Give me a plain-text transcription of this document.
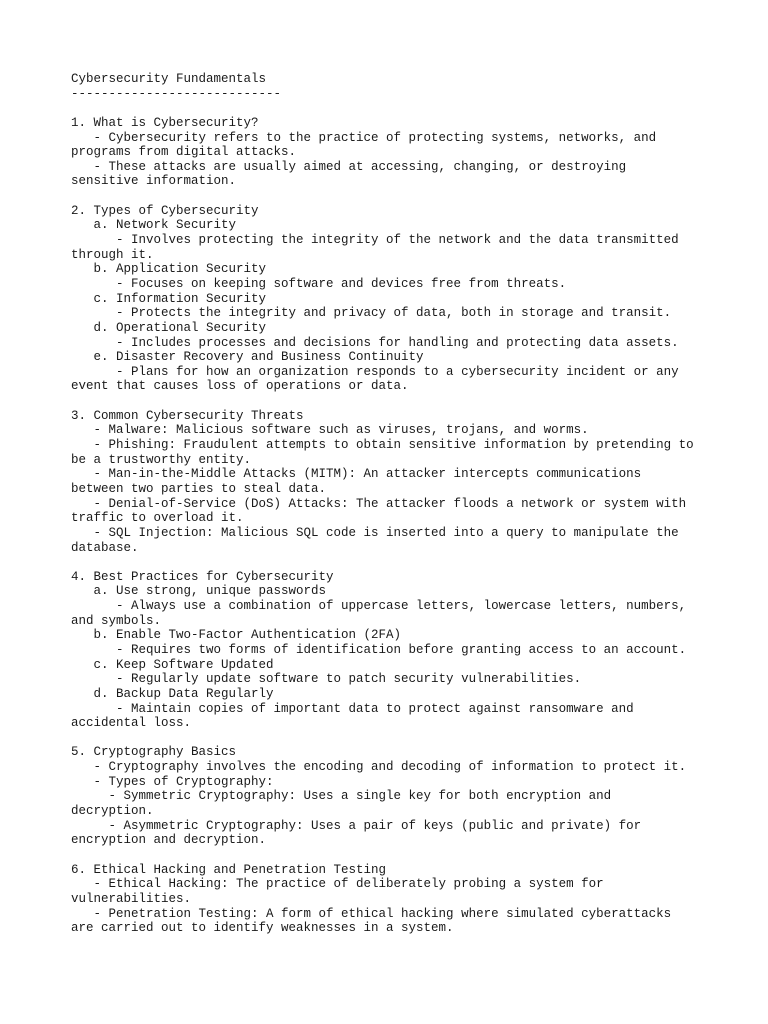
Cybersecurity Fundamentals
----------------------------
1. What is Cybersecurity?
- Cybersecurity refers to the practice of protecting systems, networks, and
programs from digital attacks.
- These attacks are usually aimed at accessing, changing, or destroying
sensitive information.
2. Types of Cybersecurity
a. Network Security
- Involves protecting the integrity of the network and the data transmitted
through it.
b. Application Security
- Focuses on keeping software and devices free from threats.
c. Information Security
- Protects the integrity and privacy of data, both in storage and transit.
d. Operational Security
- Includes processes and decisions for handling and protecting data assets.
e. Disaster Recovery and Business Continuity
- Plans for how an organization responds to a cybersecurity incident or any
event that causes loss of operations or data.
3. Common Cybersecurity Threats
- Malware: Malicious software such as viruses, trojans, and worms.
- Phishing: Fraudulent attempts to obtain sensitive information by pretending to
be a trustworthy entity.
- Man-in-the-Middle Attacks (MITM): An attacker intercepts communications
between two parties to steal data.
- Denial-of-Service (DoS) Attacks: The attacker floods a network or system with
traffic to overload it.
- SQL Injection: Malicious SQL code is inserted into a query to manipulate the
database.
4. Best Practices for Cybersecurity
a. Use strong, unique passwords
- Always use a combination of uppercase letters, lowercase letters, numbers,
and symbols.
b. Enable Two-Factor Authentication (2FA)
- Requires two forms of identification before granting access to an account.
c. Keep Software Updated
- Regularly update software to patch security vulnerabilities.
d. Backup Data Regularly
- Maintain copies of important data to protect against ransomware and
accidental loss.
5. Cryptography Basics
- Cryptography involves the encoding and decoding of information to protect it.
- Types of Cryptography:
- Symmetric Cryptography: Uses a single key for both encryption and
decryption.
- Asymmetric Cryptography: Uses a pair of keys (public and private) for
encryption and decryption.
6. Ethical Hacking and Penetration Testing
- Ethical Hacking: The practice of deliberately probing a system for
vulnerabilities.
- Penetration Testing: A form of ethical hacking where simulated cyberattacks
are carried out to identify weaknesses in a system.
